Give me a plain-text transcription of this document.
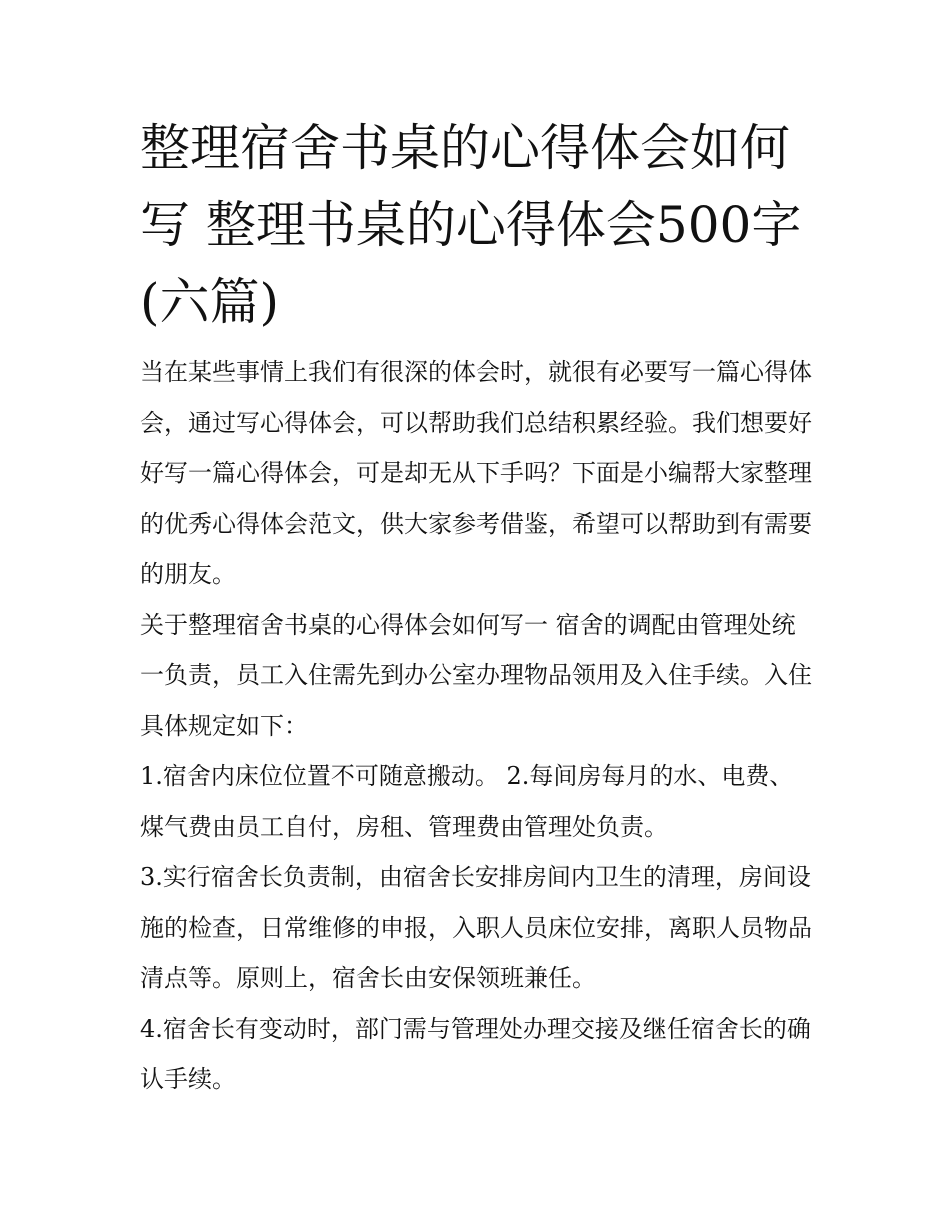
整理宿舍书桌的心得体会如何写 整理书桌的心得体会500字(六篇)

当在某些事情上我们有很深的体会时，就很有必要写一篇心得体会，通过写心得体会，可以帮助我们总结积累经验。我们想要好好写一篇心得体会，可是却无从下手吗？下面是小编帮大家整理的优秀心得体会范文，供大家参考借鉴，希望可以帮助到有需要的朋友。

关于整理宿舍书桌的心得体会如何写一 宿舍的调配由管理处统一负责，员工入住需先到办公室办理物品领用及入住手续。入住具体规定如下：

1.宿舍内床位位置不可随意搬动。 2.每间房每月的水、电费、煤气费由员工自付，房租、管理费由管理处负责。

3.实行宿舍长负责制，由宿舍长安排房间内卫生的清理，房间设施的检查，日常维修的申报，入职人员床位安排，离职人员物品清点等。原则上，宿舍长由安保领班兼任。

4.宿舍长有变动时，部门需与管理处办理交接及继任宿舍长的确认手续。
